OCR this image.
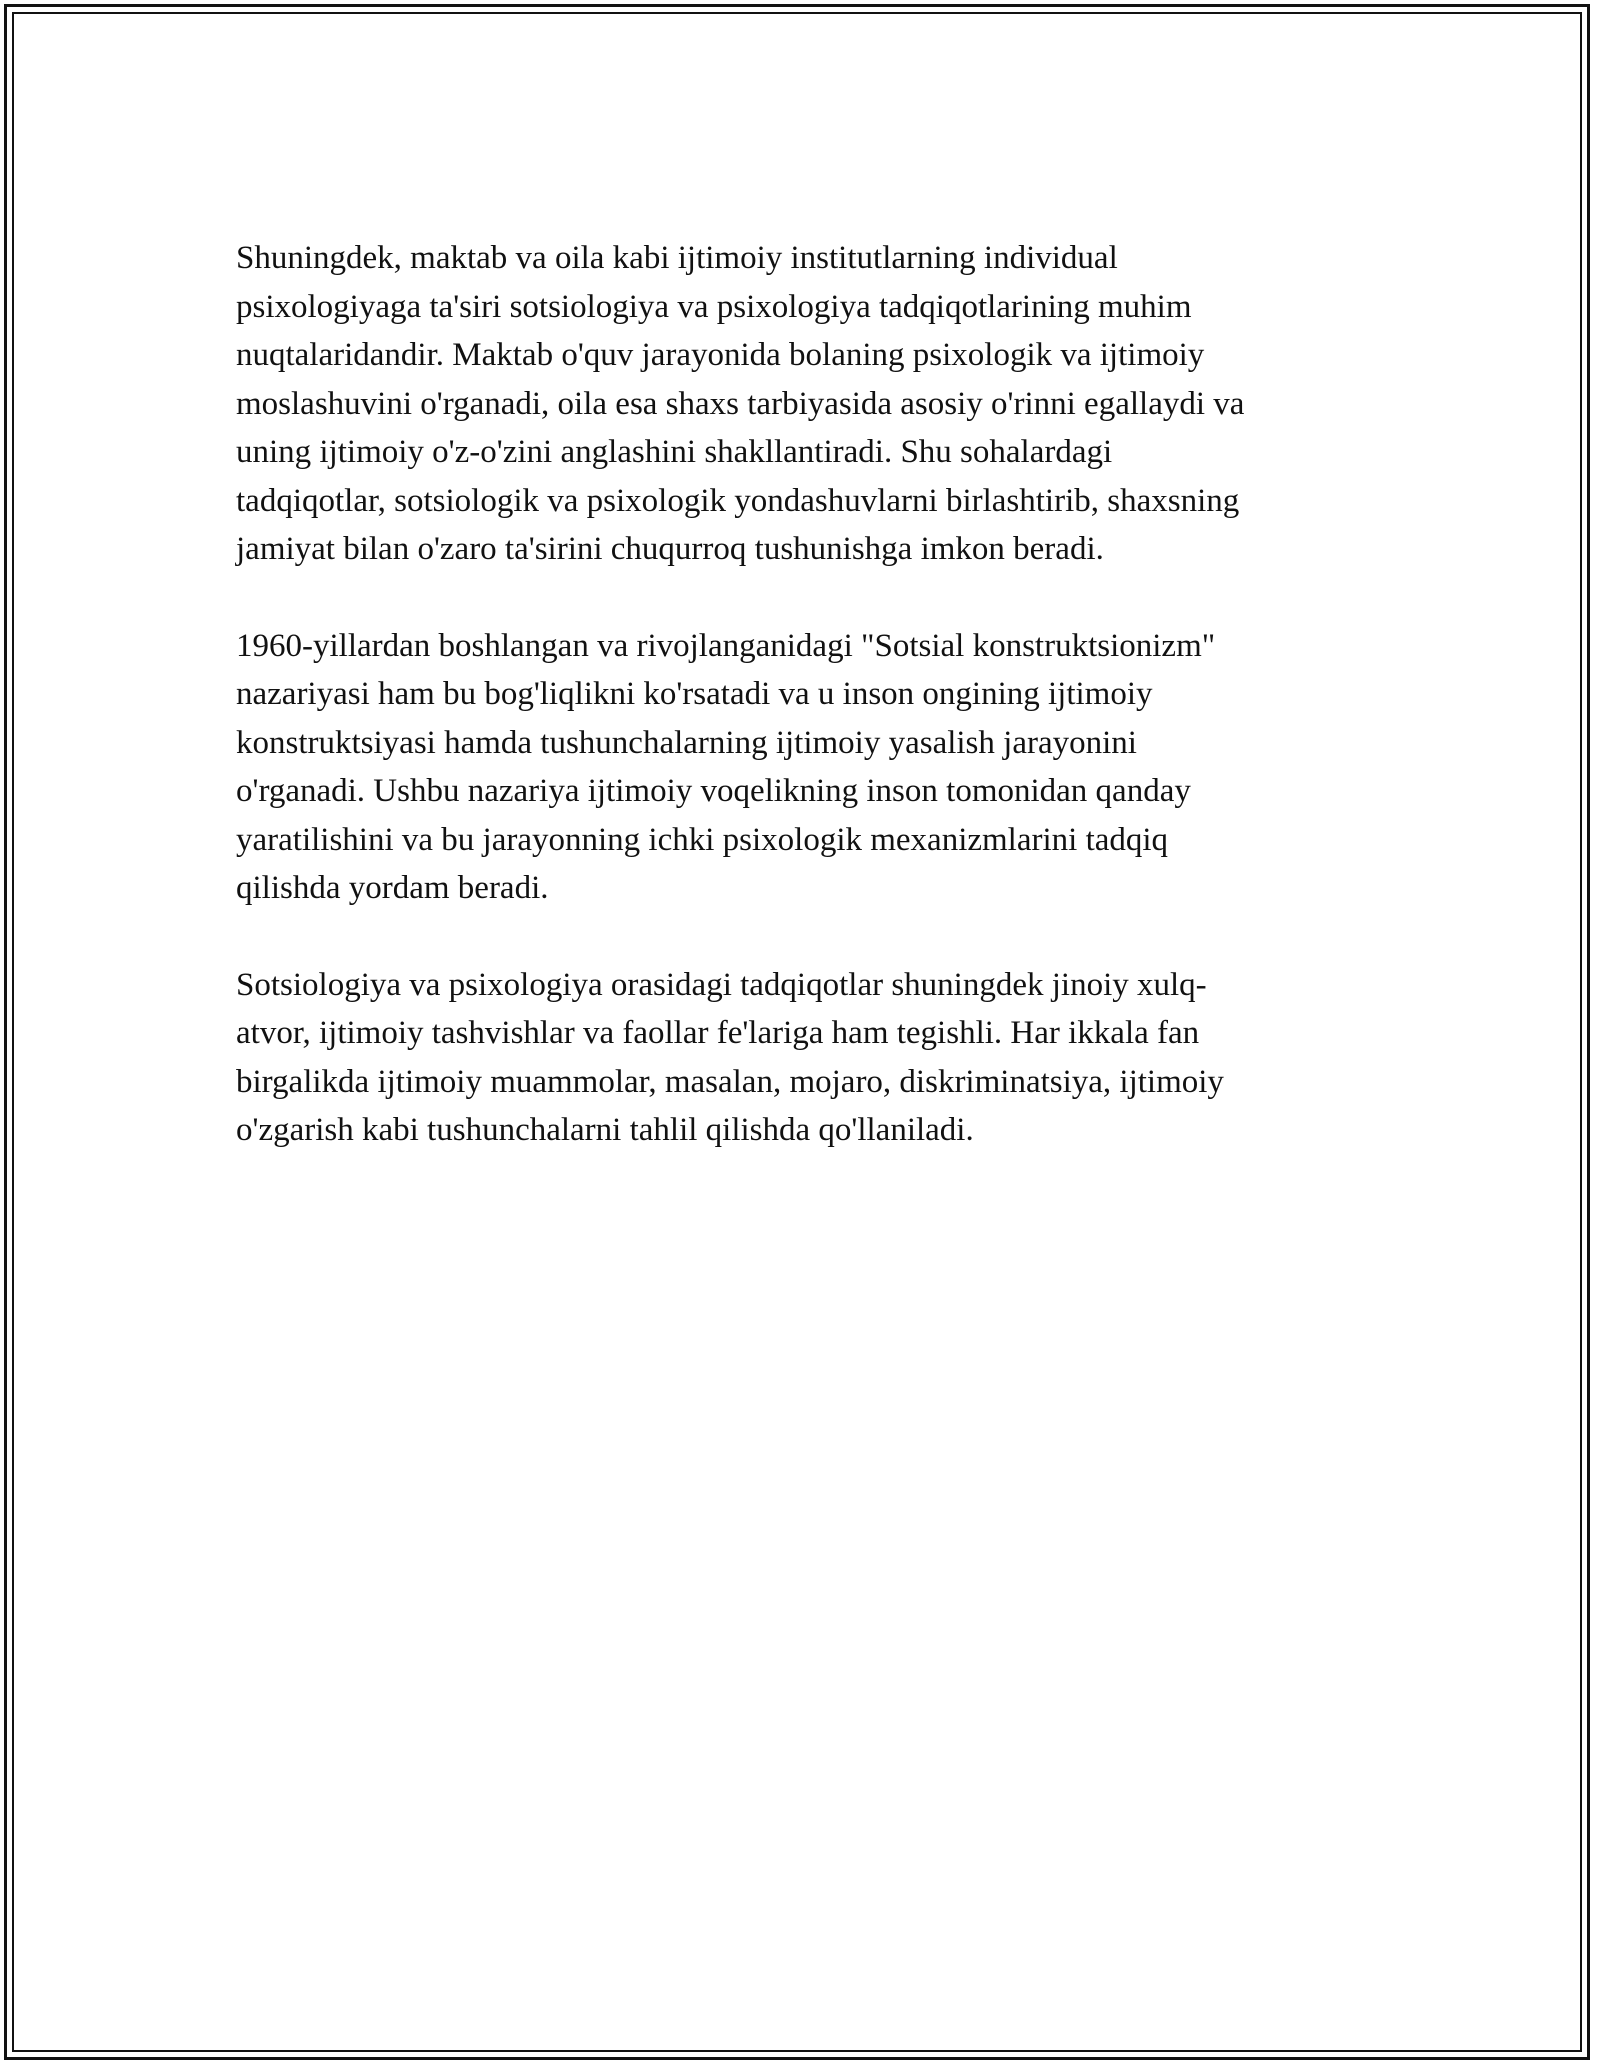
Shuningdek, maktab va oila kabi ijtimoiy institutlarning individual
psixologiyaga ta'siri sotsiologiya va psixologiya tadqiqotlarining muhim
nuqtalaridandir. Maktab o'quv jarayonida bolaning psixologik va ijtimoiy
moslashuvini o'rganadi, oila esa shaxs tarbiyasida asosiy o'rinni egallaydi va
uning ijtimoiy o'z-o'zini anglashini shakllantiradi. Shu sohalardagi
tadqiqotlar, sotsiologik va psixologik yondashuvlarni birlashtirib, shaxsning
jamiyat bilan o'zaro ta'sirini chuqurroq tushunishga imkon beradi.

1960-yillardan boshlangan va rivojlanganidagi "Sotsial konstruktsionizm"
nazariyasi ham bu bog'liqlikni ko'rsatadi va u inson ongining ijtimoiy
konstruktsiyasi hamda tushunchalarning ijtimoiy yasalish jarayonini
o'rganadi. Ushbu nazariya ijtimoiy voqelikning inson tomonidan qanday
yaratilishini va bu jarayonning ichki psixologik mexanizmlarini tadqiq
qilishda yordam beradi.

Sotsiologiya va psixologiya orasidagi tadqiqotlar shuningdek jinoiy xulq-
atvor, ijtimoiy tashvishlar va faollar fe'lariga ham tegishli. Har ikkala fan
birgalikda ijtimoiy muammolar, masalan, mojaro, diskriminatsiya, ijtimoiy
o'zgarish kabi tushunchalarni tahlil qilishda qo'llaniladi.
